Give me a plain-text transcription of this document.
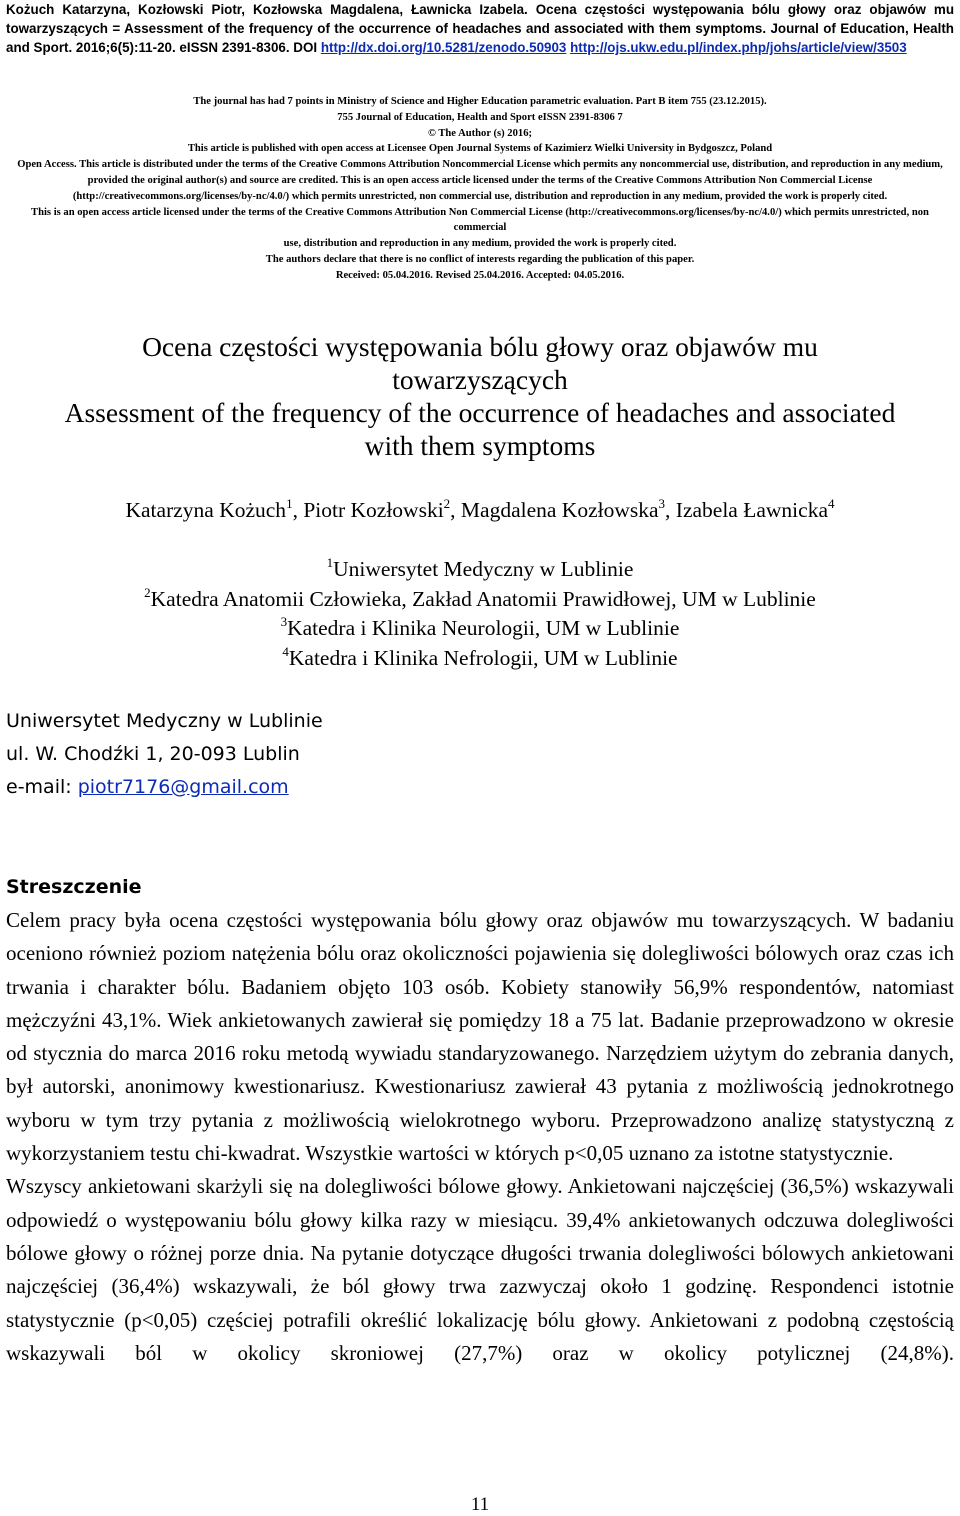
Kożuch Katarzyna, Kozłowski Piotr, Kozłowska Magdalena, Ławnicka Izabela. Ocena częstości występowania bólu głowy oraz objawów mu towarzyszących = Assessment of the frequency of the occurrence of headaches and associated with them symptoms. Journal of Education, Health and Sport. 2016;6(5):11-20. eISSN 2391-8306. DOI http://dx.doi.org/10.5281/zenodo.50903 http://ojs.ukw.edu.pl/index.php/johs/article/view/3503
The journal has had 7 points in Ministry of Science and Higher Education parametric evaluation. Part B item 755 (23.12.2015).
755 Journal of Education, Health and Sport eISSN 2391-8306 7
© The Author (s) 2016;
This article is published with open access at Licensee Open Journal Systems of Kazimierz Wielki University in Bydgoszcz, Poland
Open Access. This article is distributed under the terms of the Creative Commons Attribution Noncommercial License which permits any noncommercial use, distribution, and reproduction in any medium,
provided the original author(s) and source are credited. This is an open access article licensed under the terms of the Creative Commons Attribution Non Commercial License (http://creativecommons.org/licenses/by-nc/4.0/) which permits unrestricted, non commercial use, distribution and reproduction in any medium, provided the work is properly cited.
This is an open access article licensed under the terms of the Creative Commons Attribution Non Commercial License (http://creativecommons.org/licenses/by-nc/4.0/) which permits unrestricted, non commercial
use, distribution and reproduction in any medium, provided the work is properly cited.
The authors declare that there is no conflict of interests regarding the publication of this paper.
Received: 05.04.2016. Revised 25.04.2016. Accepted: 04.05.2016.
Ocena częstości występowania bólu głowy oraz objawów mu
towarzyszących
Assessment of the frequency of the occurrence of headaches and associated
with them symptoms
Katarzyna Kożuch$^1$, Piotr Kozłowski$^2$, Magdalena Kozłowska$^3$, Izabela Ławnicka$^4$
$^1$Uniwersytet Medyczny w Lublinie
$^2$Katedra Anatomii Człowieka, Zakład Anatomii Prawidłowej, UM w Lublinie
$^3$Katedra i Klinika Neurologii, UM w Lublinie
$^4$Katedra i Klinika Nefrologii, UM w Lublinie
Uniwersytet Medyczny w Lublinie
ul. W. Chodźki 1, 20-093 Lublin
e-mail: piotr7176@gmail.com
Streszczenie

Celem pracy była ocena częstości występowania bólu głowy oraz objawów mu towarzyszących. W badaniu oceniono również poziom natężenia bólu oraz okoliczności pojawienia się dolegliwości bólowych oraz czas ich trwania i charakter bólu. Badaniem objęto 103 osób. Kobiety stanowiły 56,9% respondentów, natomiast mężczyźni 43,1%. Wiek ankietowanych zawierał się pomiędzy 18 a 75 lat. Badanie przeprowadzono w okresie od stycznia do marca 2016 roku metodą wywiadu standaryzowanego. Narzędziem użytym do zebrania danych, był autorski, anonimowy kwestionariusz. Kwestionariusz zawierał 43 pytania z możliwością jednokrotnego wyboru w tym trzy pytania z możliwością wielokrotnego wyboru. Przeprowadzono analizę statystyczną z wykorzystaniem testu chi-kwadrat. Wszystkie wartości w których p<0,05 uznano za istotne statystycznie.

Wszyscy ankietowani skarżyli się na dolegliwości bólowe głowy. Ankietowani najczęściej (36,5%) wskazywali odpowiedź o występowaniu bólu głowy kilka razy w miesiącu. 39,4% ankietowanych odczuwa dolegliwości bólowe głowy o różnej porze dnia. Na pytanie dotyczące długości trwania dolegliwości bólowych ankietowani najczęściej (36,4%) wskazywali, że ból głowy trwa zazwyczaj około 1 godzinę. Respondenci istotnie statystycznie (p<0,05) częściej potrafili określić lokalizację bólu głowy. Ankietowani z podobną częstością wskazywali ból w okolicy skroniowej (27,7%) oraz w okolicy potylicznej (24,8%).

11
